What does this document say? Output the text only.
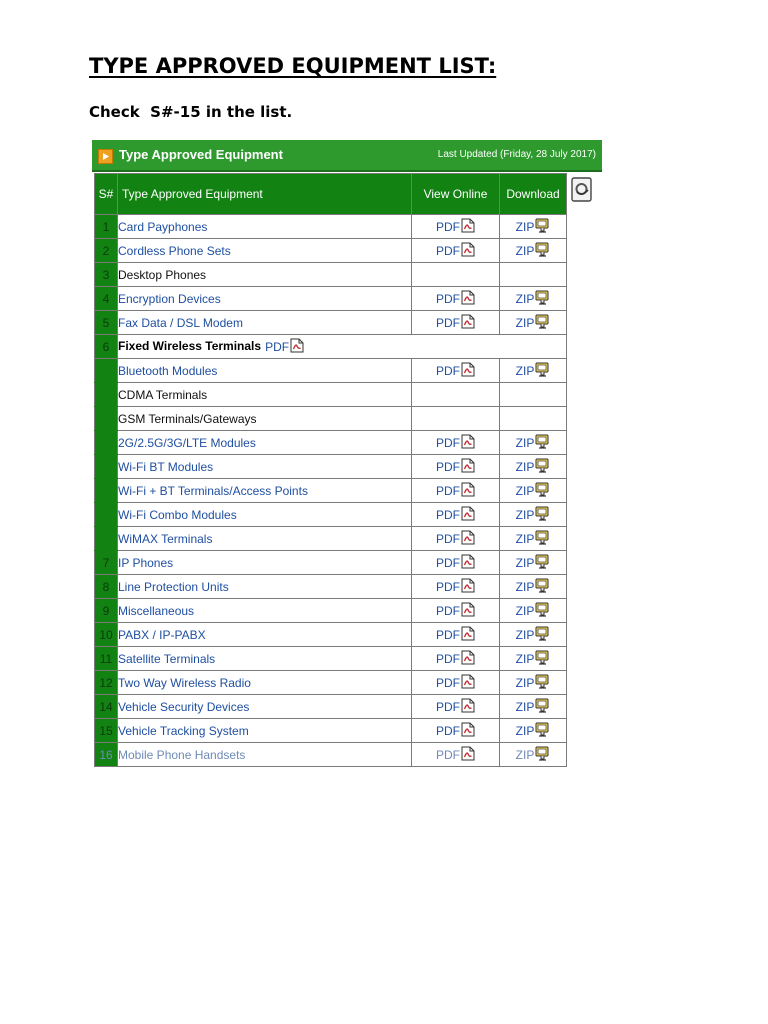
TYPE APPROVED EQUIPMENT LIST:
Check  S#-15 in the list.
Type Approved Equipment	Last Updated (Friday, 28 July 2017)
S#	Type Approved Equipment	View Online	Download
1	Card Payphones	PDF	ZIP
2	Cordless Phone Sets	PDF	ZIP
3	Desktop Phones		
4	Encryption Devices	PDF	ZIP
5	Fax Data / DSL Modem	PDF	ZIP
6	Fixed Wireless Terminals PDF		
	Bluetooth Modules	PDF	ZIP
	CDMA Terminals		
	GSM Terminals/Gateways		
	2G/2.5G/3G/LTE Modules	PDF	ZIP
	Wi-Fi BT Modules	PDF	ZIP
	Wi-Fi + BT Terminals/Access Points	PDF	ZIP
	Wi-Fi Combo Modules	PDF	ZIP
	WiMAX Terminals	PDF	ZIP
7	IP Phones	PDF	ZIP
8	Line Protection Units	PDF	ZIP
9	Miscellaneous	PDF	ZIP
10	PABX / IP-PABX	PDF	ZIP
11	Satellite Terminals	PDF	ZIP
12	Two Way Wireless Radio	PDF	ZIP
14	Vehicle Security Devices	PDF	ZIP
15	Vehicle Tracking System	PDF	ZIP
16	Mobile Phone Handsets	PDF	ZIP
